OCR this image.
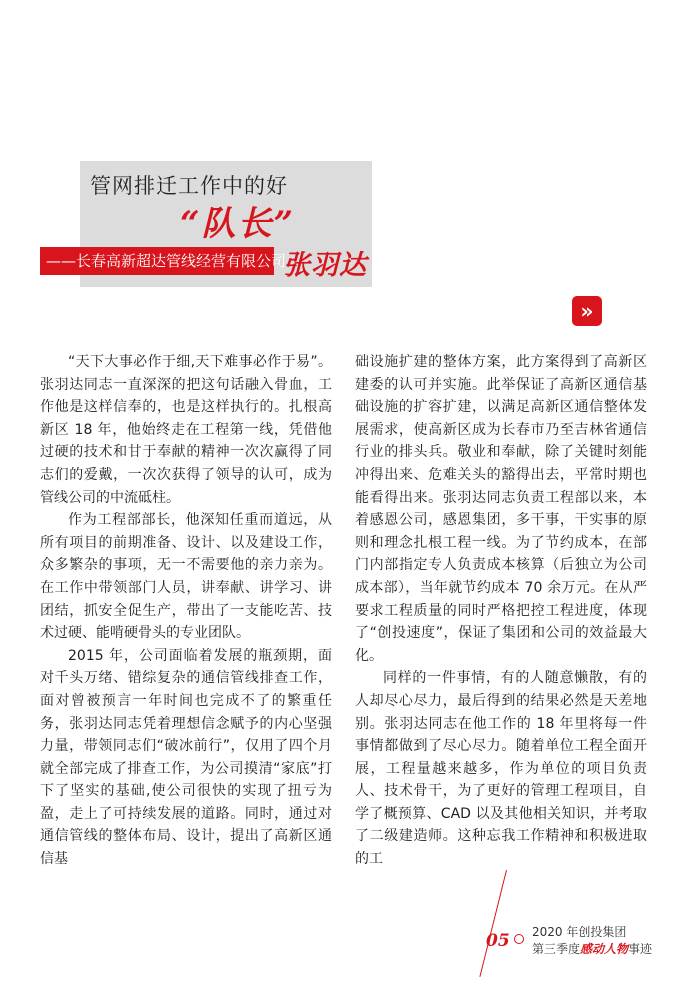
管网排迁工作中的好
“队长”
——长春高新超达管线经营有限公司
张羽达
»

“天下大事必作于细,天下难事必作于易”。张羽达同志一直深深的把这句话融入骨血，工作他是这样信奉的，也是这样执行的。扎根高新区 18 年，他始终走在工程第一线，凭借他过硬的技术和甘于奉献的精神一次次赢得了同志们的爱戴，一次次获得了领导的认可，成为管线公司的中流砥柱。

作为工程部部长，他深知任重而道远，从所有项目的前期准备、设计、以及建设工作，众多繁杂的事项，无一不需要他的亲力亲为。在工作中带领部门人员，讲奉献、讲学习、讲团结，抓安全促生产，带出了一支能吃苦、技术过硬、能啃硬骨头的专业团队。

2015 年，公司面临着发展的瓶颈期，面对千头万绪、错综复杂的通信管线排查工作，面对曾被预言一年时间也完成不了的繁重任务，张羽达同志凭着理想信念赋予的内心坚强力量，带领同志们“破冰前行”，仅用了四个月就全部完成了排查工作，为公司摸清“家底”打下了坚实的基础,使公司很快的实现了扭亏为盈，走上了可持续发展的道路。同时，通过对通信管线的整体布局、设计，提出了高新区通信基

础设施扩建的整体方案，此方案得到了高新区建委的认可并实施。此举保证了高新区通信基础设施的扩容扩建，以满足高新区通信整体发展需求，使高新区成为长春市乃至吉林省通信行业的排头兵。敬业和奉献，除了关键时刻能冲得出来、危难关头的豁得出去，平常时期也能看得出来。张羽达同志负责工程部以来，本着感恩公司，感恩集团，多干事，干实事的原则和理念扎根工程一线。为了节约成本，在部门内部指定专人负责成本核算（后独立为公司成本部），当年就节约成本 70 余万元。在从严要求工程质量的同时严格把控工程进度，体现了“创投速度”，保证了集团和公司的效益最大化。

同样的一件事情，有的人随意懒散，有的人却尽心尽力，最后得到的结果必然是天差地别。张羽达同志在他工作的 18 年里将每一件事情都做到了尽心尽力。随着单位工程全面开展，工程量越来越多，作为单位的项目负责人、技术骨干，为了更好的管理工程项目，自学了概预算、CAD 以及其他相关知识，并考取了二级建造师。这种忘我工作精神和积极进取的工

05 2020 年创投集团
第三季度感动人物事迹
